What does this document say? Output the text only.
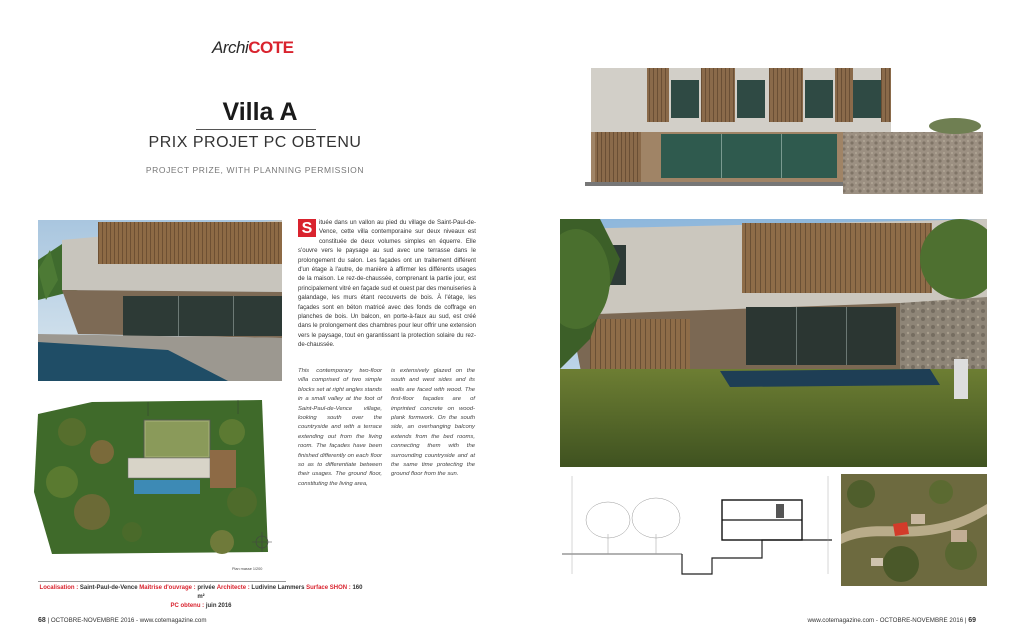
ArchiCOTE
Villa A
PRIX PROJET PC OBTENU
PROJECT PRIZE, WITH PLANNING PERMISSION
Plan masse 1/200
S	ituée dans un vallon au pied du village de Saint-Paul-de-Vence, cette villa contemporaine sur deux niveaux est constituée de deux volumes simples en équerre. Elle s'ouvre vers le paysage au sud avec une terrasse dans le prolongement du salon. Les façades ont un traitement différent d'un étage à l'autre, de manière à affirmer les différents usages de la maison. Le rez-de-chaussée, comprenant la partie jour, est principalement vitré en façade sud et ouest par des menuiseries à galandage, les murs étant recouverts de bois. À l'étage, les façades sont en béton matricé avec des fonds de coffrage en planches de bois. Un balcon, en porte-à-faux au sud, est créé dans le prolongement des chambres pour leur offrir une extension vers le paysage, tout en garantissant la protection solaire du rez-de-chaussée.
This contemporary two-floor villa comprised of two simple blocks set at right angles stands in a small valley at the foot of Saint-Paul-de-Vence village, looking south over the countryside and with a terrace extending out from the living room. The façades have been finished differently on each floor so as to differentiate between their usages. The ground floor, constituting the living area,
is extensively glazed on the south and west sides and its walls are faced with wood. The first-floor façades are of imprinted concrete on wood-plank formwork. On the south side, an overhanging balcony extends from the bed rooms, connecting them with the surrounding countryside and at the same time protecting the ground floor from the sun.
Localisation : Saint-Paul-de-Vence Maîtrise d'ouvrage : privée Architecte : Ludivine Lammers Surface SHON : 160 m²
PC obtenu : juin 2016
68 | OCTOBRE-NOVEMBRE 2016 - www.cotemagazine.com	www.cotemagazine.com - OCTOBRE-NOVEMBRE 2016 | 69
